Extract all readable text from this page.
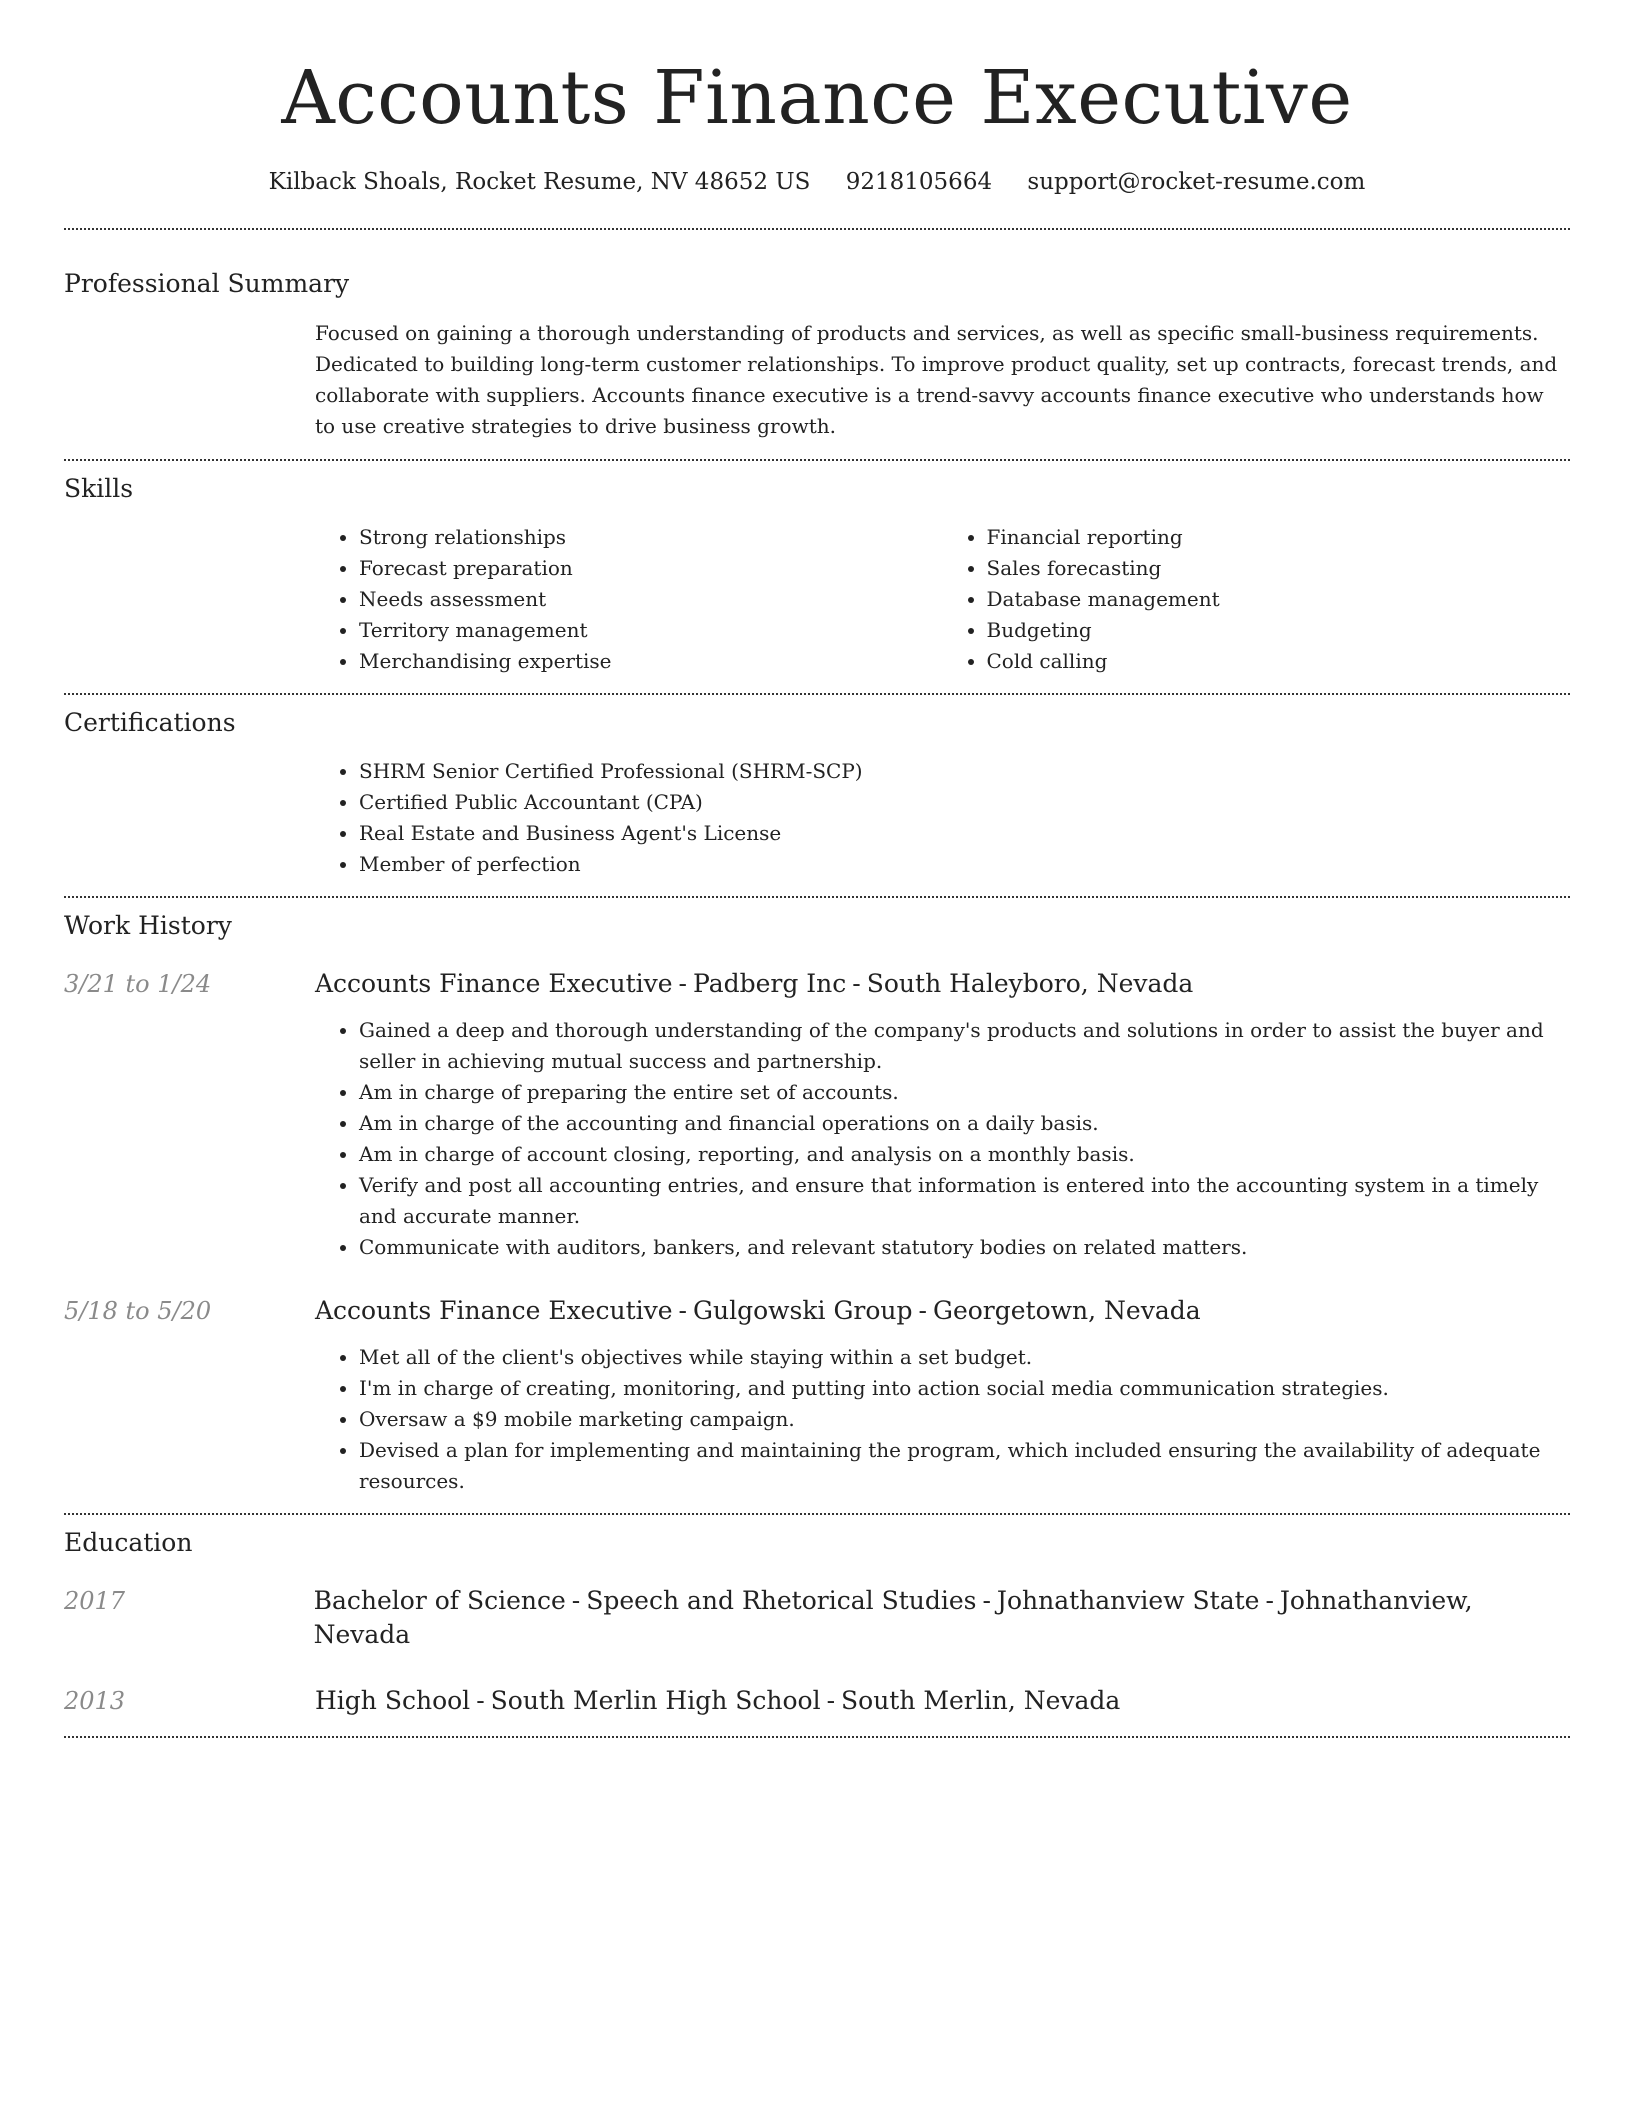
Accounts Finance Executive
Kilback Shoals, Rocket Resume, NV 48652 US 9218105664 support@rocket-resume.com
Professional Summary
Focused on gaining a thorough understanding of products and services, as well as specific small-business requirements. Dedicated to building long-term customer relationships. To improve product quality, set up contracts, forecast trends, and collaborate with suppliers. Accounts finance executive is a trend-savvy accounts finance executive who understands how to use creative strategies to drive business growth.
Skills
• Strong relationships
• Forecast preparation
• Needs assessment
• Territory management
• Merchandising expertise
• Financial reporting
• Sales forecasting
• Database management
• Budgeting
• Cold calling
Certifications
• SHRM Senior Certified Professional (SHRM-SCP)
• Certified Public Accountant (CPA)
• Real Estate and Business Agent's License
• Member of perfection
Work History
3/21 to 1/24	Accounts Finance Executive - Padberg Inc - South Haleyboro, Nevada
• Gained a deep and thorough understanding of the company's products and solutions in order to assist the buyer and seller in achieving mutual success and partnership.
• Am in charge of preparing the entire set of accounts.
• Am in charge of the accounting and financial operations on a daily basis.
• Am in charge of account closing, reporting, and analysis on a monthly basis.
• Verify and post all accounting entries, and ensure that information is entered into the accounting system in a timely and accurate manner.
• Communicate with auditors, bankers, and relevant statutory bodies on related matters.
5/18 to 5/20	Accounts Finance Executive - Gulgowski Group - Georgetown, Nevada
• Met all of the client's objectives while staying within a set budget.
• I'm in charge of creating, monitoring, and putting into action social media communication strategies.
• Oversaw a $9 mobile marketing campaign.
• Devised a plan for implementing and maintaining the program, which included ensuring the availability of adequate resources.
Education
2017	Bachelor of Science - Speech and Rhetorical Studies - Johnathanview State - Johnathanview, Nevada
2013	High School - South Merlin High School - South Merlin, Nevada
